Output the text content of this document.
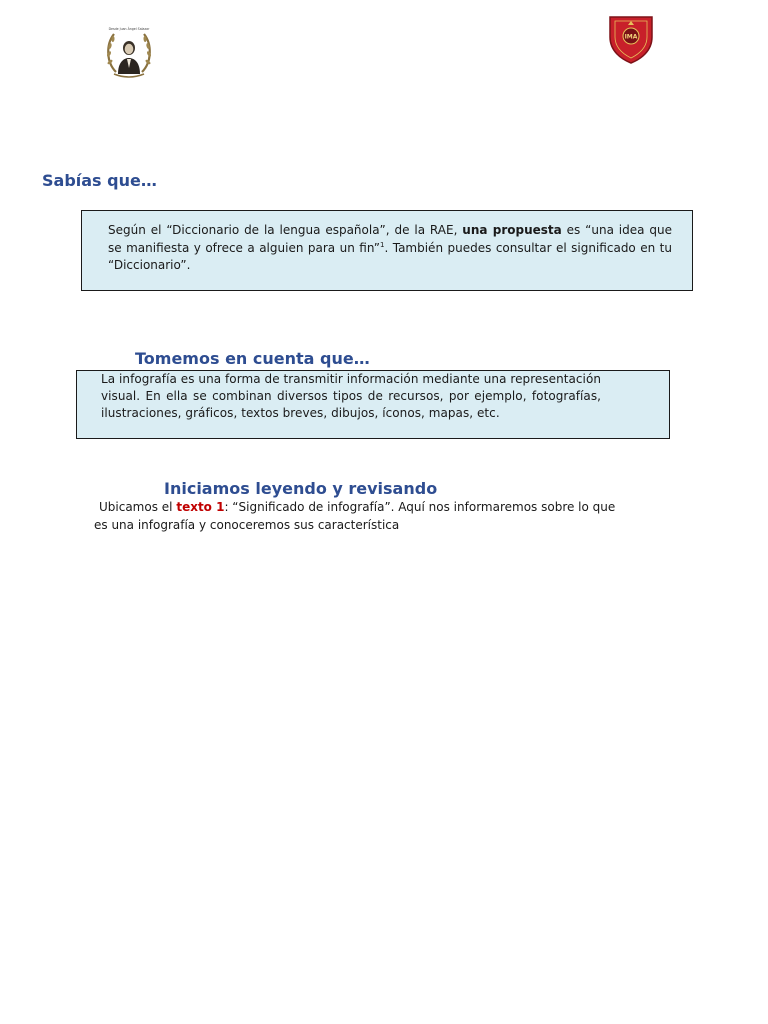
Desde Juan Ángel Salazar
IMA
Sabías que…

Según el “Diccionario de la lengua española”, de la RAE, una propuesta es “una idea que se manifiesta y ofrece a alguien para un fin”$^1$. También puedes consultar el significado en tu “Diccionario”.

Tomemos en cuenta que…

La infografía es una forma de transmitir información mediante una representación visual. En ella se combinan diversos tipos de recursos, por ejemplo, fotografías, ilustraciones, gráficos, textos breves, dibujos, íconos, mapas, etc.

Iniciamos leyendo y revisando

Ubicamos el texto 1: “Significado de infografía”. Aquí nos informaremos sobre lo que es una infografía y conoceremos sus característica
